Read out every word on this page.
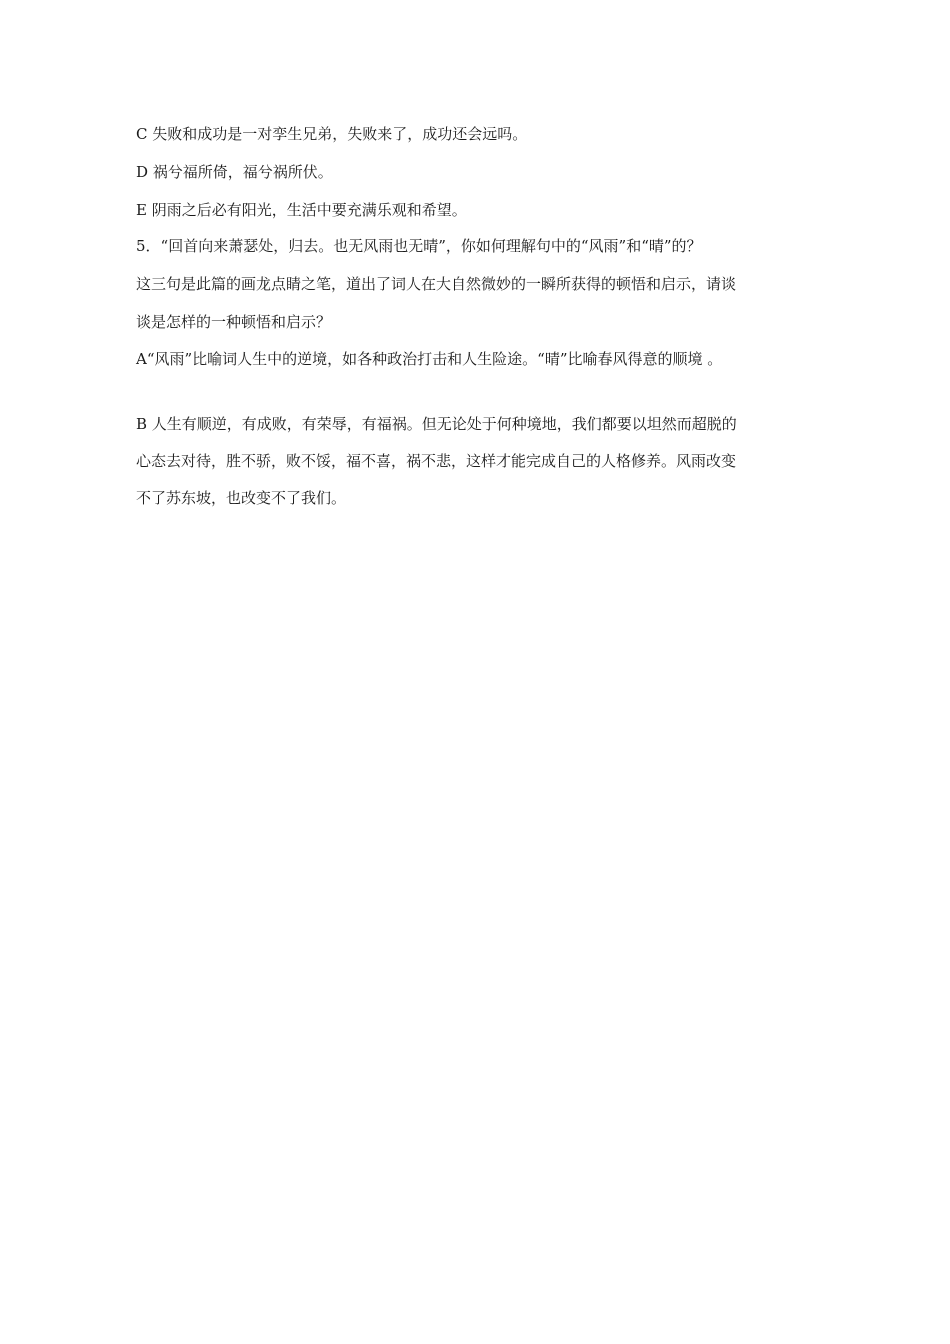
C 失败和成功是一对孪生兄弟，失败来了，成功还会远吗。

D 祸兮福所倚，福兮祸所伏。

E 阴雨之后必有阳光，生活中要充满乐观和希望。

5．“回首向来萧瑟处，归去。也无风雨也无晴”，你如何理解句中的“风雨”和“晴”的？

这三句是此篇的画龙点睛之笔，道出了词人在大自然微妙的一瞬所获得的顿悟和启示，请谈

谈是怎样的一种顿悟和启示？

A“风雨”比喻词人生中的逆境，如各种政治打击和人生险途。“晴”比喻春风得意的顺境 。

B 人生有顺逆，有成败，有荣辱，有福祸。但无论处于何种境地，我们都要以坦然而超脱的

心态去对待，胜不骄，败不馁，福不喜，祸不悲，这样才能完成自己的人格修养。风雨改变

不了苏东坡，也改变不了我们。
